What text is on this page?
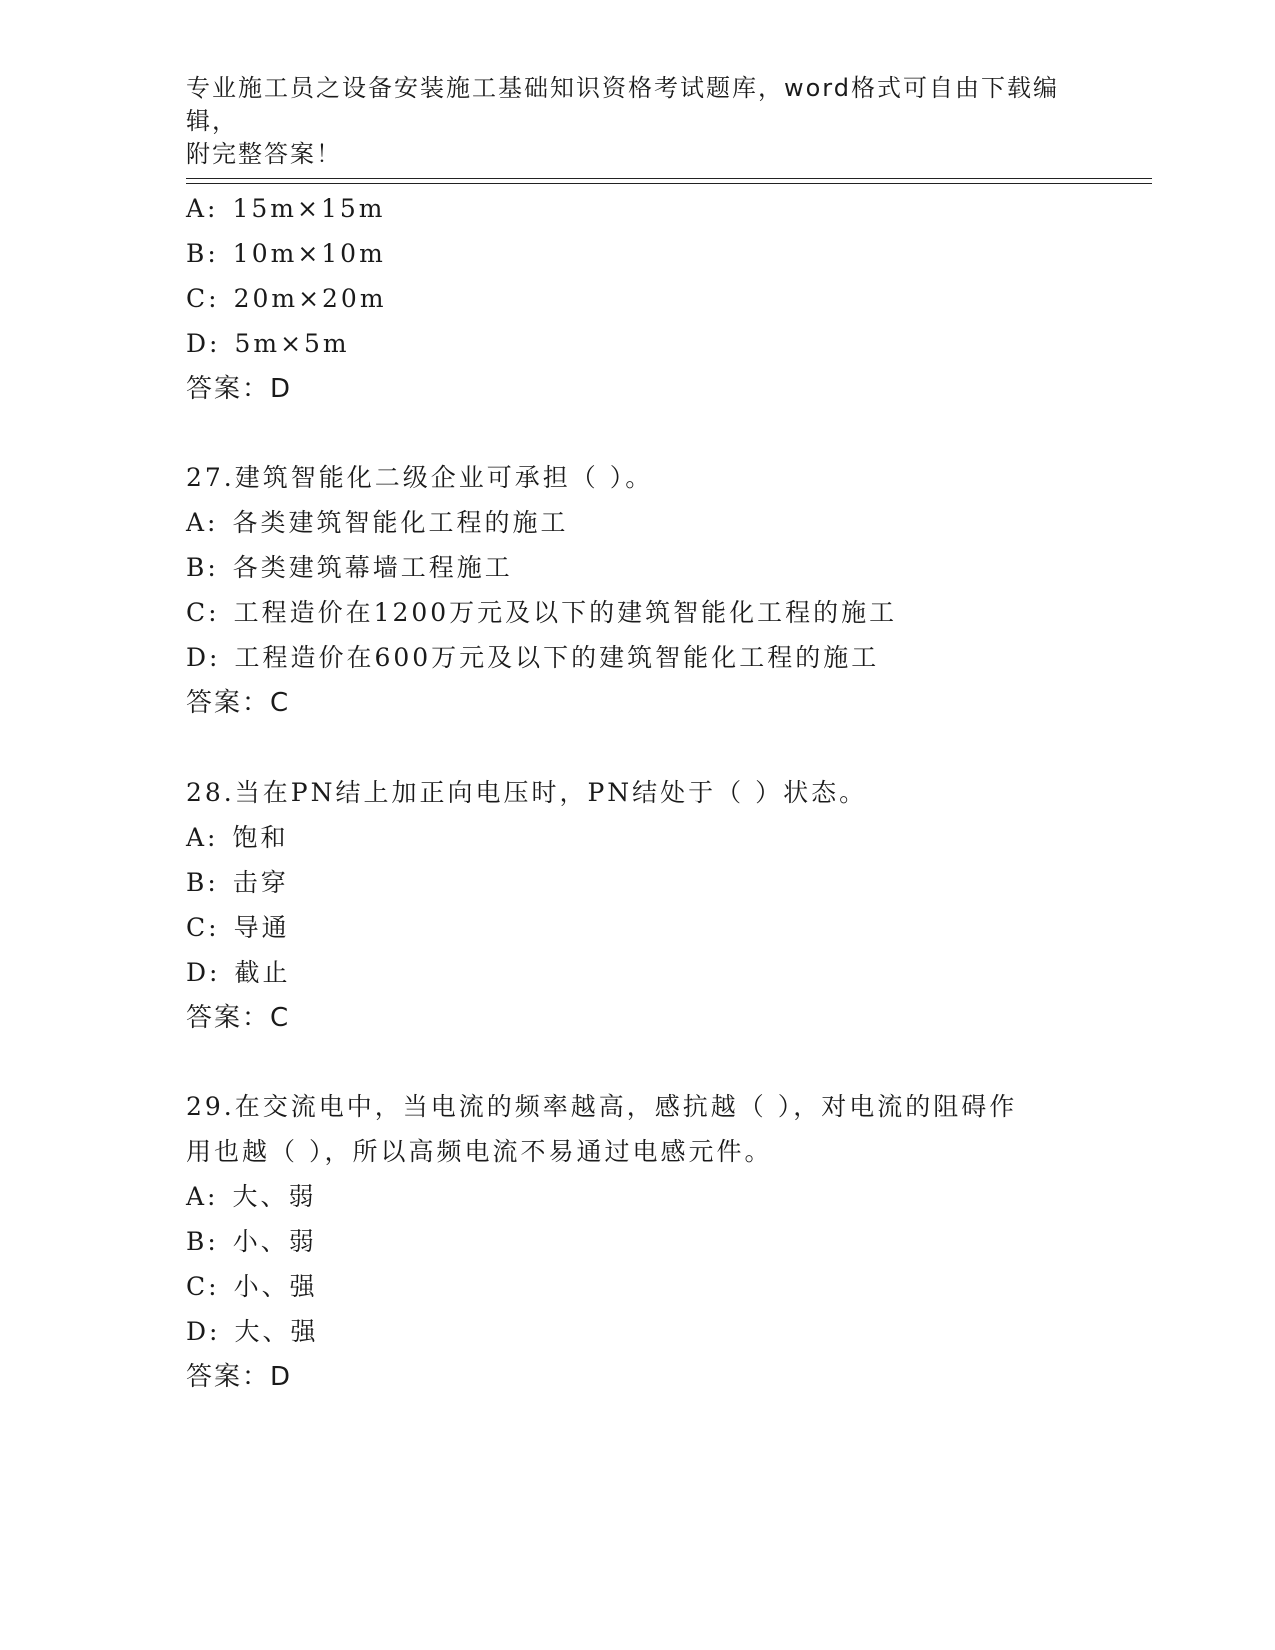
专业施工员之设备安装施工基础知识资格考试题库，word格式可自由下载编辑，
附完整答案！
A: 15m×15m
B: 10m×10m
C: 20m×20m
D: 5m×5m
答案：D
27.建筑智能化二级企业可承担（ ）。
A: 各类建筑智能化工程的施工
B: 各类建筑幕墙工程施工
C: 工程造价在1200万元及以下的建筑智能化工程的施工
D: 工程造价在600万元及以下的建筑智能化工程的施工
答案：C
28.当在PN结上加正向电压时，PN结处于（ ）状态。
A: 饱和
B: 击穿
C: 导通
D: 截止
答案：C
29.在交流电中，当电流的频率越高，感抗越（ ），对电流的阻碍作
用也越（ ），所以高频电流不易通过电感元件。
A: 大、弱
B: 小、弱
C: 小、强
D: 大、强
答案：D
